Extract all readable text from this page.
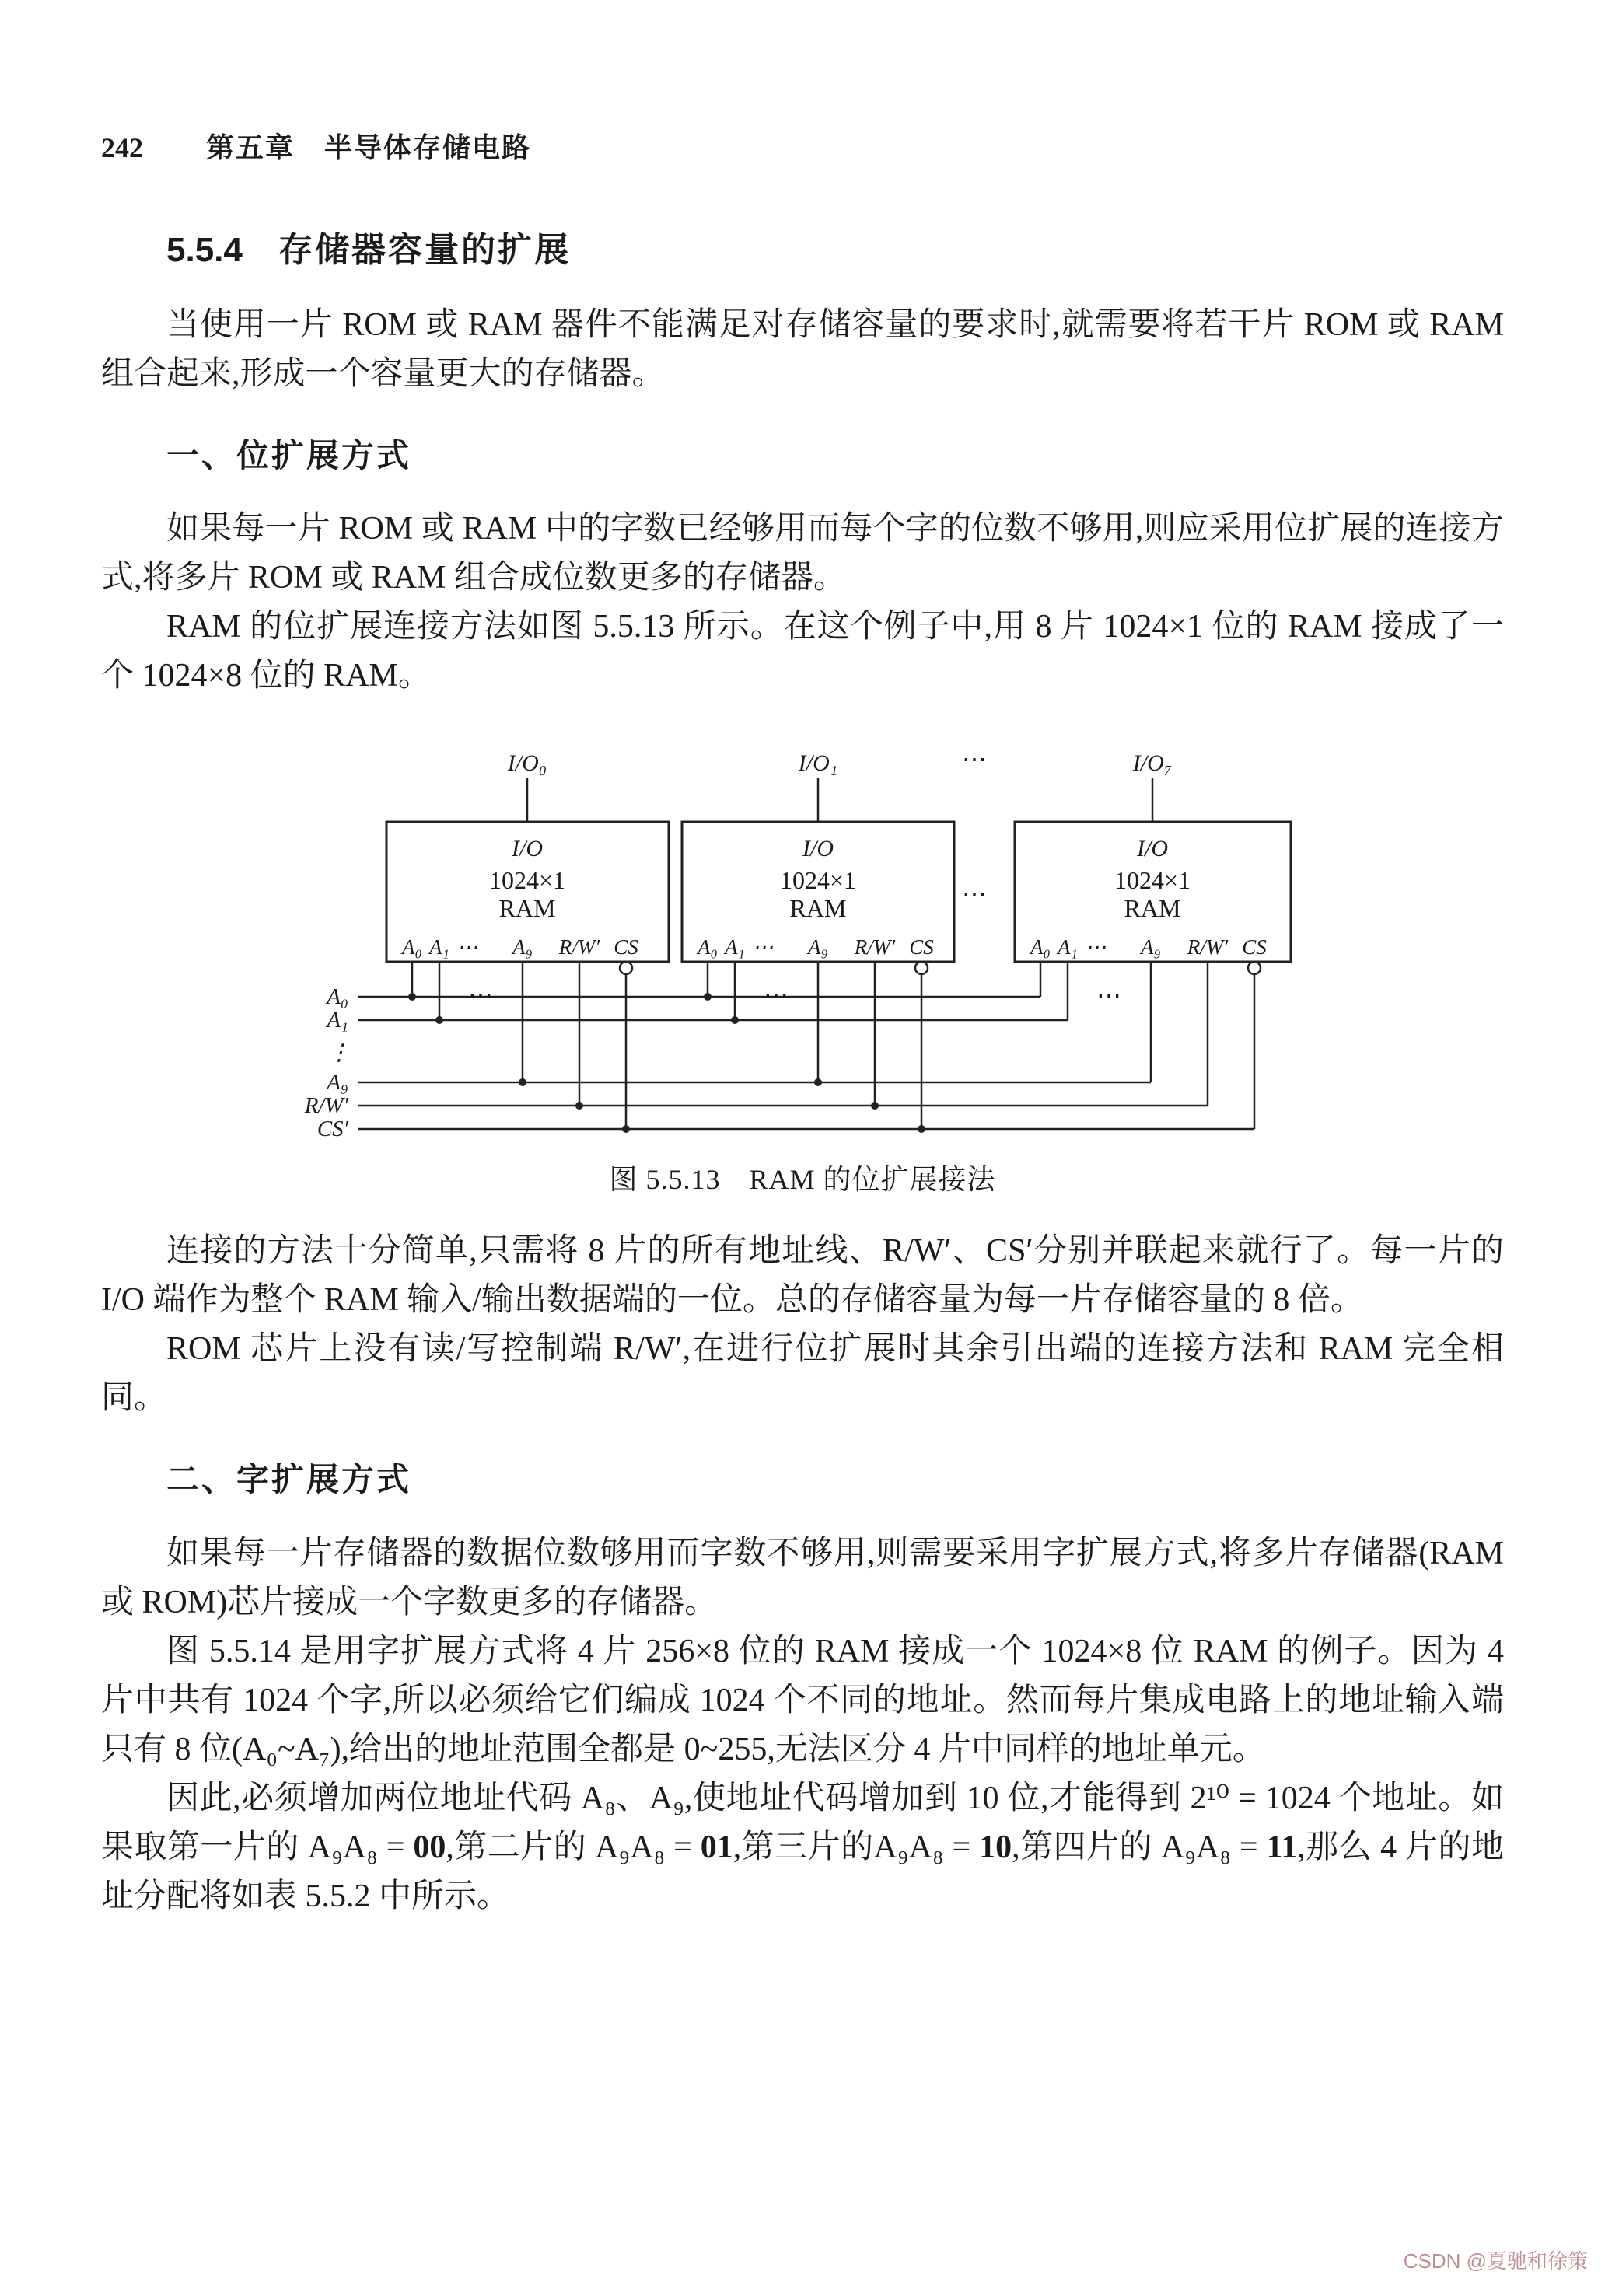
242 第五章　半导体存储电路
5.5.4 存储器容量的扩展

当使用一片 ROM 或 RAM 器件不能满足对存储容量的要求时,就需要将若干片 ROM 或 RAM 组合起来,形成一个容量更大的存储器。

一、位扩展方式

如果每一片 ROM 或 RAM 中的字数已经够用而每个字的位数不够用,则应采用位扩展的连接方式,将多片 ROM 或 RAM 组合成位数更多的存储器。

RAM 的位扩展连接方法如图 5.5.13 所示。在这个例子中,用 8 片 1024×1 位的 RAM 接成了一个 1024×8 位的 RAM。

I/O₀	I/O₁	⋯	I/O₇
⋯
I/O
1024×1
RAM
A₀ A₁ ⋯ A₉ R/W′ CS
⋯
I/O
1024×1
RAM
A₀ A₁ ⋯ A₉ R/W′ CS
⋯
I/O
1024×1
RAM
A₀ A₁ ⋯ A₉ R/W′ CS
⋯
A₀
A₁
⋮
A₉
R/W′
CS′
图 5.5.13　RAM 的位扩展接法

连接的方法十分简单,只需将 8 片的所有地址线、R/W′、CS′分别并联起来就行了。每一片的 I/O 端作为整个 RAM 输入/输出数据端的一位。总的存储容量为每一片存储容量的 8 倍。

ROM 芯片上没有读/写控制端 R/W′,在进行位扩展时其余引出端的连接方法和 RAM 完全相同。

二、字扩展方式

如果每一片存储器的数据位数够用而字数不够用,则需要采用字扩展方式,将多片存储器(RAM 或 ROM)芯片接成一个字数更多的存储器。

图 5.5.14 是用字扩展方式将 4 片 256×8 位的 RAM 接成一个 1024×8 位 RAM 的例子。因为 4 片中共有 1024 个字,所以必须给它们编成 1024 个不同的地址。然而每片集成电路上的地址输入端只有 8 位(A₀~A₇),给出的地址范围全都是 0~255,无法区分 4 片中同样的地址单元。

因此,必须增加两位地址代码 A₈、A₉,使地址代码增加到 10 位,才能得到 2¹⁰ = 1024 个地址。如果取第一片的 A₉A₈ = 00,第二片的 A₉A₈ = 01,第三片的A₉A₈ = 10,第四片的 A₉A₈ = 11,那么 4 片的地址分配将如表 5.5.2 中所示。

CSDN @夏驰和徐策
